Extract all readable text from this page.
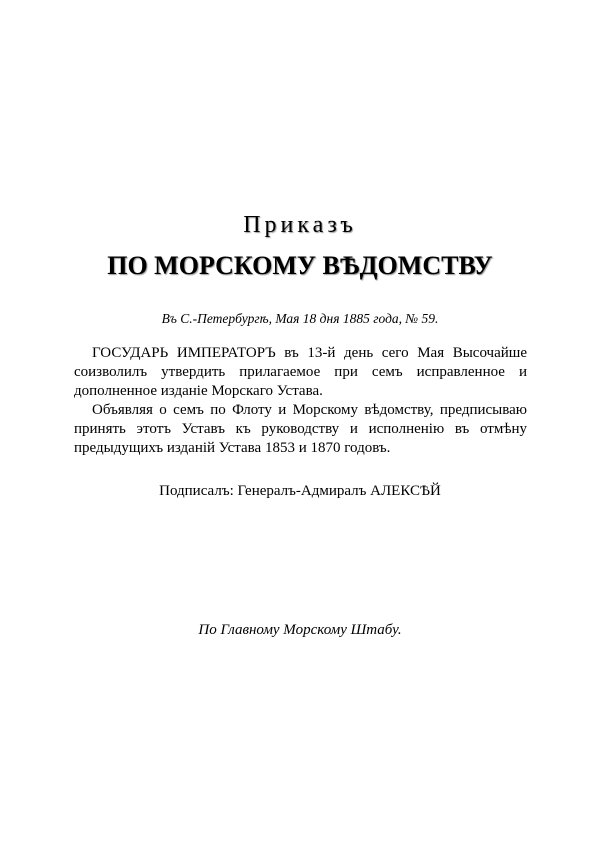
Приказъ
ПО МОРСКОМУ ВѢДОМСТВУ
Въ С.-Петербургѣ, Мая 18 дня 1885 года, № 59.

ГОСУДАРЬ ИМПЕРАТОРЪ въ 13-й день сего Мая Высочайше соизволилъ утвердить прилагаемое при семъ исправленное и дополненное изданіе Морскаго Устава.

Объявляя о семъ по Флоту и Морскому вѣдомству, предписываю принять этотъ Уставъ къ руководству и исполненію въ отмѣну предыдущихъ изданій Устава 1853 и 1870 годовъ.

Подписалъ: Генералъ-Адмиралъ АЛЕКСѢЙ
По Главному Морскому Штабу.
